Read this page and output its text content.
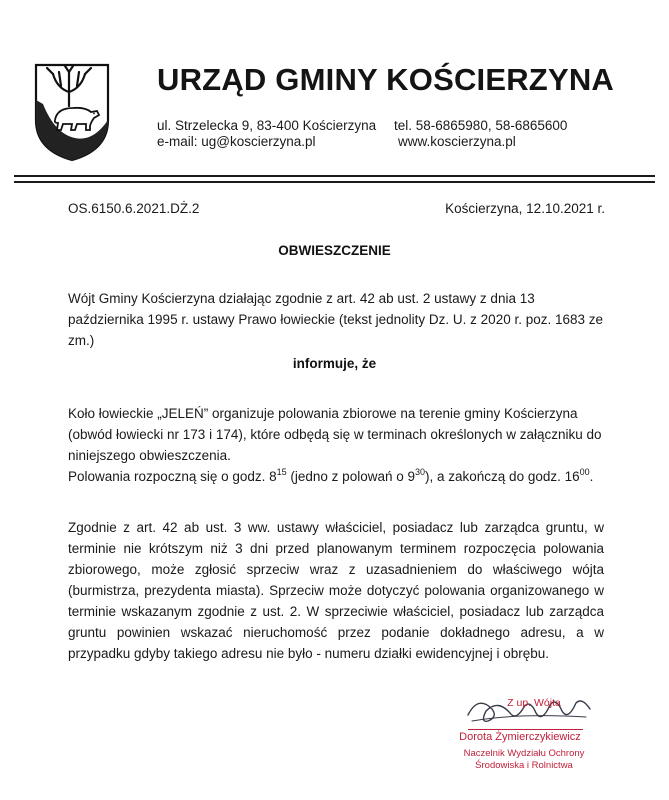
URZĄD GMINY KOŚCIERZYNA
ul. Strzelecka 9, 83-400 Kościerzyna
e-mail: ug@koscierzyna.pl
tel. 58-6865980, 58-6865600
www.koscierzyna.pl
OS.6150.6.2021.DŻ.2	Kościerzyna, 12.10.2021 r.
OBWIESZCZENIE

Wójt Gminy Kościerzyna działając zgodnie z art. 42 ab ust. 2 ustawy z dnia 13 października 1995 r. ustawy Prawo łowieckie (tekst jednolity Dz. U. z 2020 r. poz. 1683 ze zm.)

informuje, że

Koło łowieckie „JELEŃ” organizuje polowania zbiorowe na terenie gminy Kościerzyna (obwód łowiecki nr 173 i 174), które odbędą się w terminach określonych w załączniku do niniejszego obwieszczenia.

Polowania rozpoczną się o godz. $8^{15}$ (jedno z polowań o $9^{30}$), a zakończą do godz. $16^{00}$.

Zgodnie z art. 42 ab ust. 3 ww. ustawy właściciel, posiadacz lub zarządca gruntu, w terminie nie krótszym niż 3 dni przed planowanym terminem rozpoczęcia polowania zbiorowego, może zgłosić sprzeciw wraz z uzasadnieniem do właściwego wójta (burmistrza, prezydenta miasta). Sprzeciw może dotyczyć polowania organizowanego w terminie wskazanym zgodnie z ust. 2. W sprzeciwie właściciel, posiadacz lub zarządca gruntu powinien wskazać nieruchomość przez podanie dokładnego adresu, a w przypadku gdyby takiego adresu nie było - numeru działki ewidencyjnej i obrębu.

Z up. Wójta
Dorota Żymierczykiewicz
Naczelnik Wydziału Ochrony
Środowiska i Rolnictwa
